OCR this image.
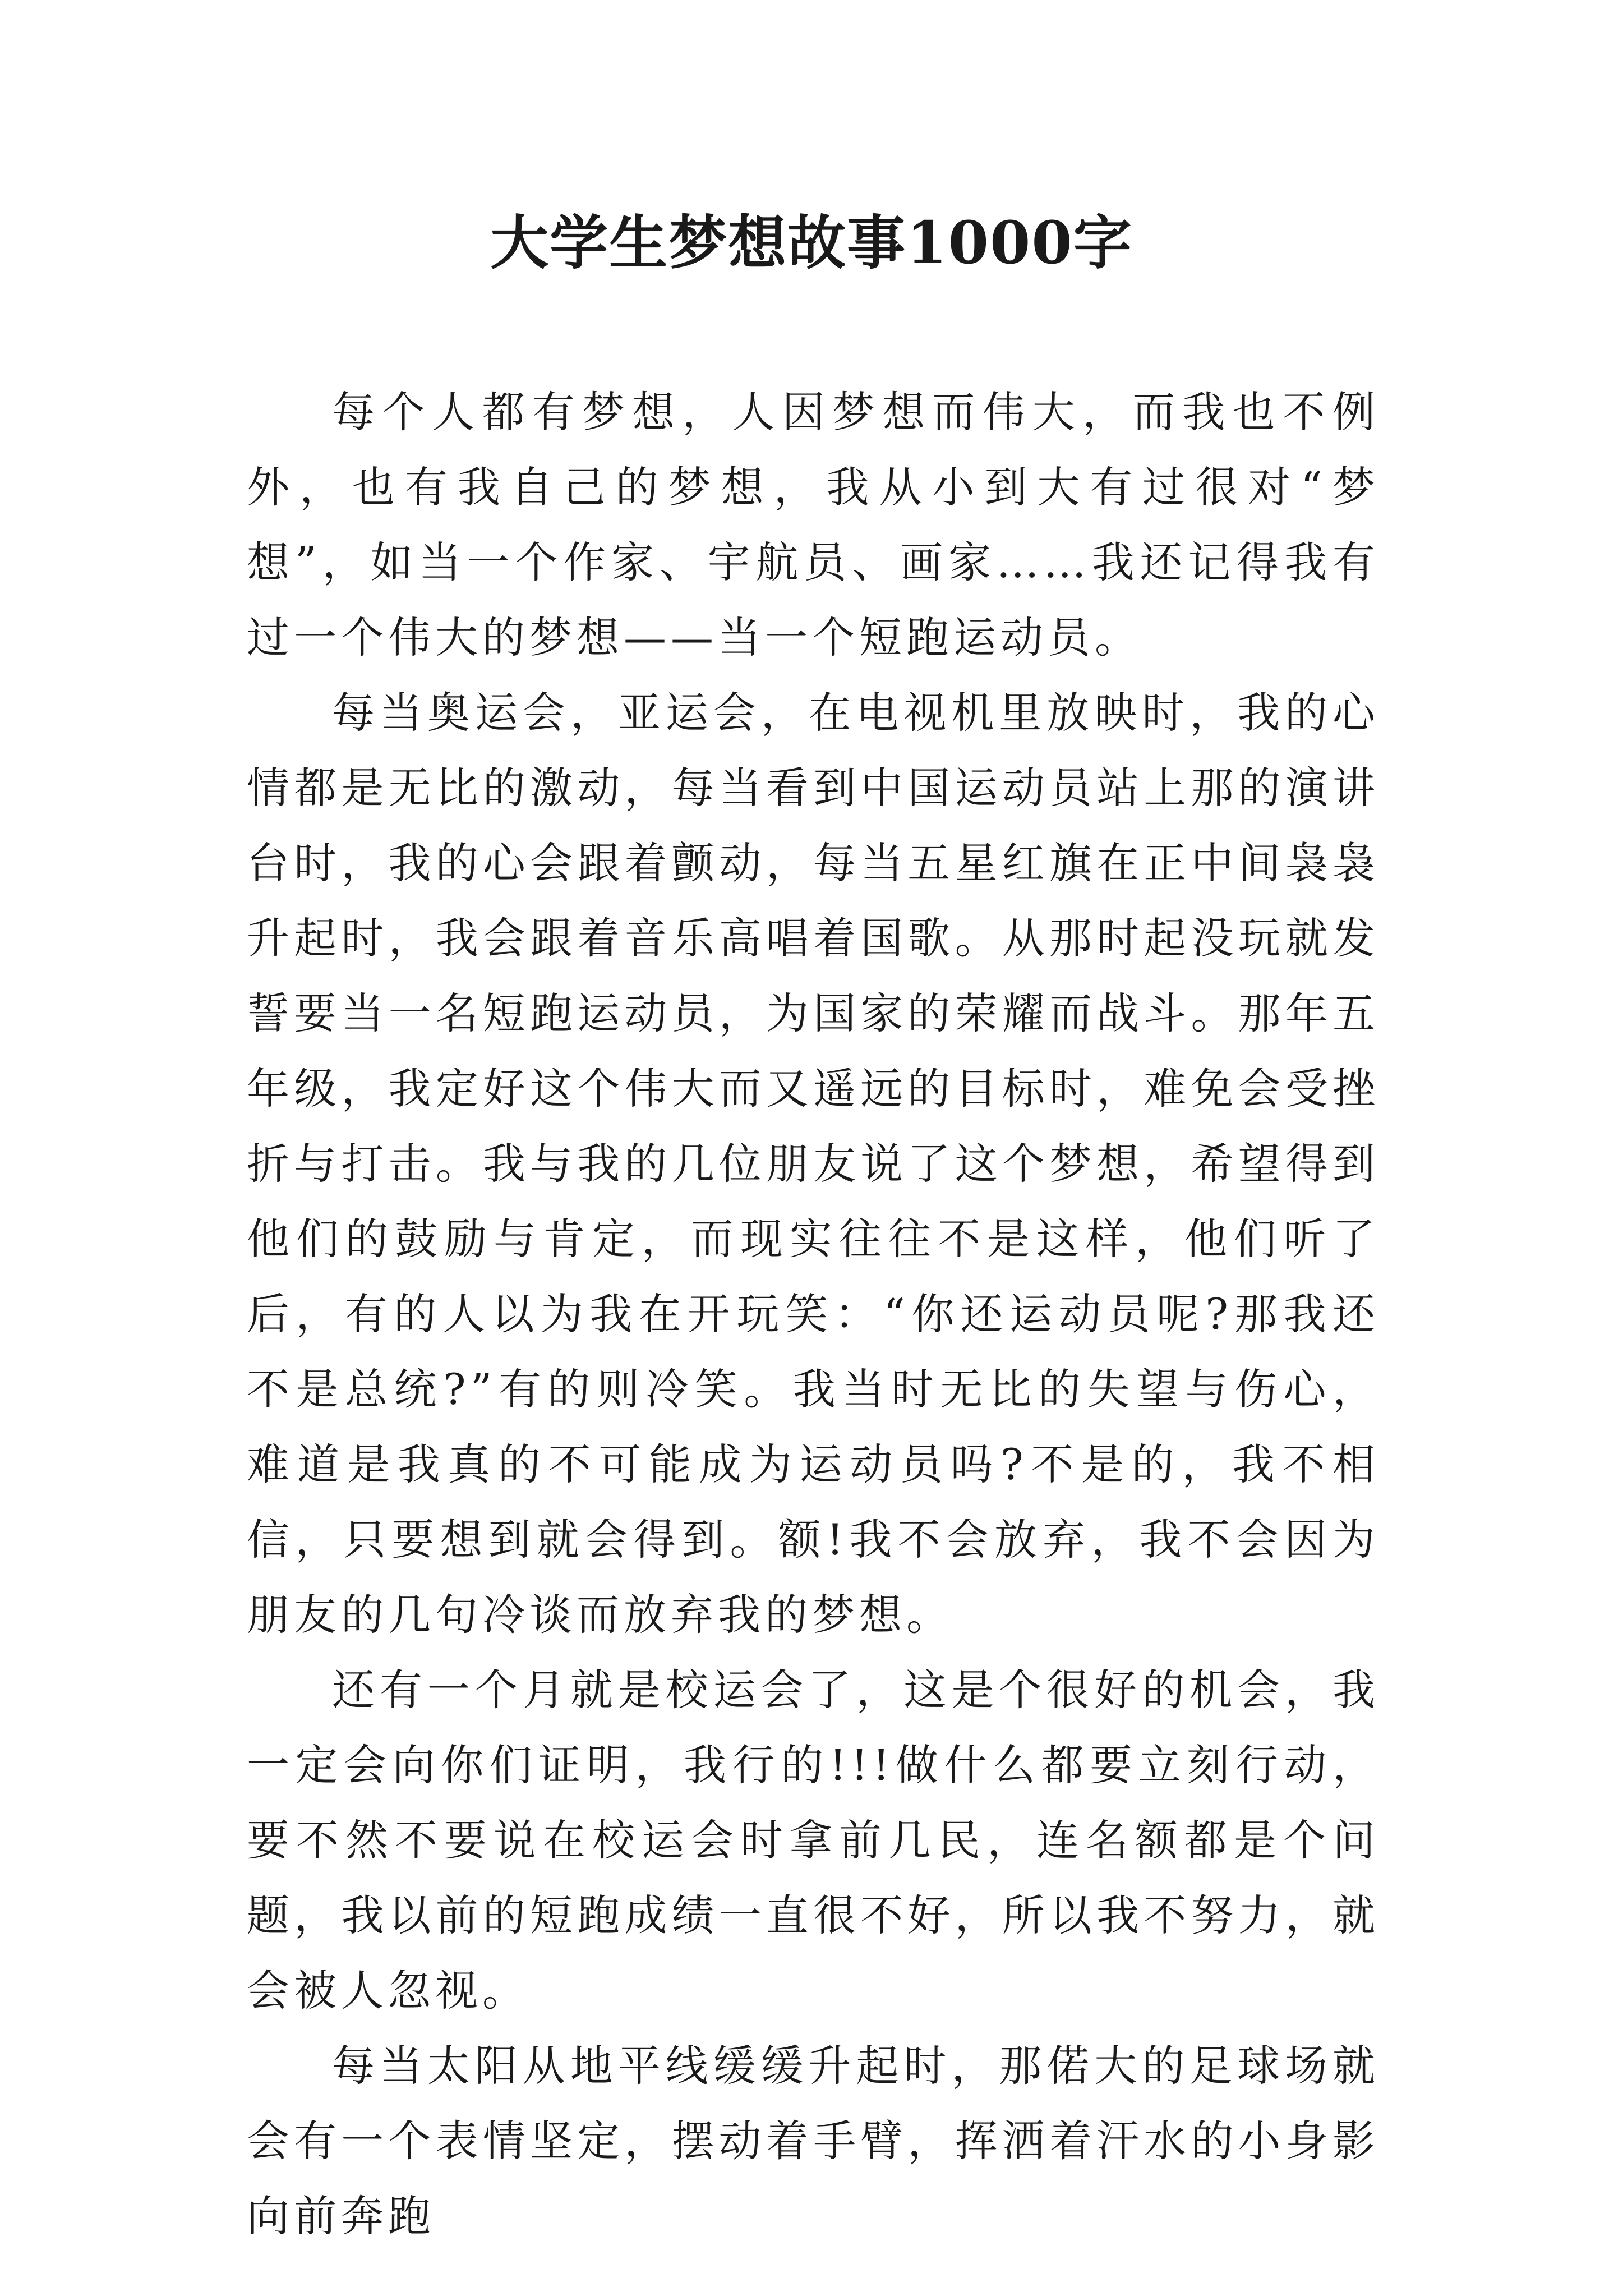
大学生梦想故事1000字

每个人都有梦想，人因梦想而伟大，而我也不例外，也有我自己的梦想，我从小到大有过很对“梦想”，如当一个作家、宇航员、画家……我还记得我有过一个伟大的梦想——当一个短跑运动员。

每当奥运会，亚运会，在电视机里放映时，我的心情都是无比的激动，每当看到中国运动员站上那的演讲台时，我的心会跟着颤动，每当五星红旗在正中间袅袅升起时，我会跟着音乐高唱着国歌。从那时起没玩就发誓要当一名短跑运动员，为国家的荣耀而战斗。那年五年级，我定好这个伟大而又遥远的目标时，难免会受挫折与打击。我与我的几位朋友说了这个梦想，希望得到他们的鼓励与肯定，而现实往往不是这样，他们听了后，有的人以为我在开玩笑：“你还运动员呢?那我还不是总统?”有的则冷笑。我当时无比的失望与伤心，难道是我真的不可能成为运动员吗?不是的，我不相信，只要想到就会得到。额!我不会放弃，我不会因为朋友的几句冷谈而放弃我的梦想。

还有一个月就是校运会了，这是个很好的机会，我一定会向你们证明，我行的!!!做什么都要立刻行动，要不然不要说在校运会时拿前几民，连名额都是个问题，我以前的短跑成绩一直很不好，所以我不努力，就会被人忽视。

每当太阳从地平线缓缓升起时，那偌大的足球场就会有一个表情坚定，摆动着手臂，挥洒着汗水的小身影向前奔跑
